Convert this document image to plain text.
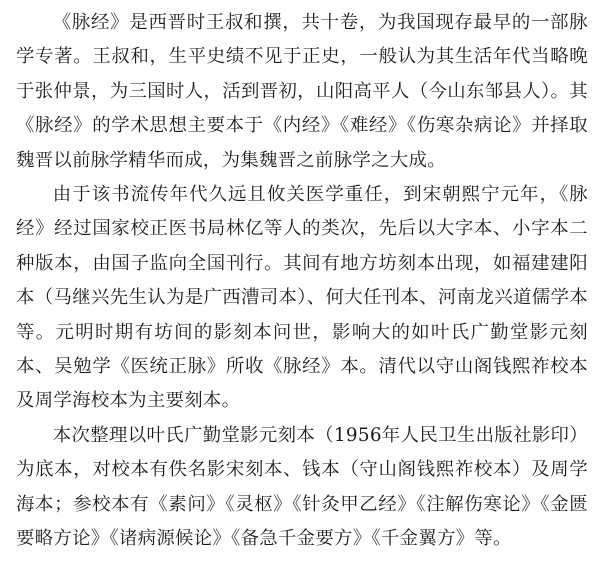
《脉经》是西晋时王叔和撰，共十卷，为我国现存最早的一部脉学专著。王叔和，生平史绩不见于正史，一般认为其生活年代当略晚于张仲景，为三国时人，活到晋初，山阳高平人（今山东邹县人）。其《脉经》的学术思想主要本于《内经》《难经》《伤寒杂病论》并择取魏晋以前脉学精华而成，为集魏晋之前脉学之大成。

由于该书流传年代久远且攸关医学重任，到宋朝熙宁元年，《脉经》经过国家校正医书局林亿等人的类次，先后以大字本、小字本二种版本，由国子监向全国刊行。其间有地方坊刻本出现，如福建建阳本（马继兴先生认为是广西漕司本）、何大任刊本、河南龙兴道儒学本等。元明时期有坊间的影刻本问世，影响大的如叶氏广勤堂影元刻本、吴勉学《医统正脉》所收《脉经》本。清代以守山阁钱熙祚校本及周学海校本为主要刻本。

本次整理以叶氏广勤堂影元刻本（1956年人民卫生出版社影印）为底本，对校本有佚名影宋刻本、钱本（守山阁钱熙祚校本）及周学海本；参校本有《素问》《灵枢》《针灸甲乙经》《注解伤寒论》《金匮要略方论》《诸病源候论》《备急千金要方》《千金翼方》等。
